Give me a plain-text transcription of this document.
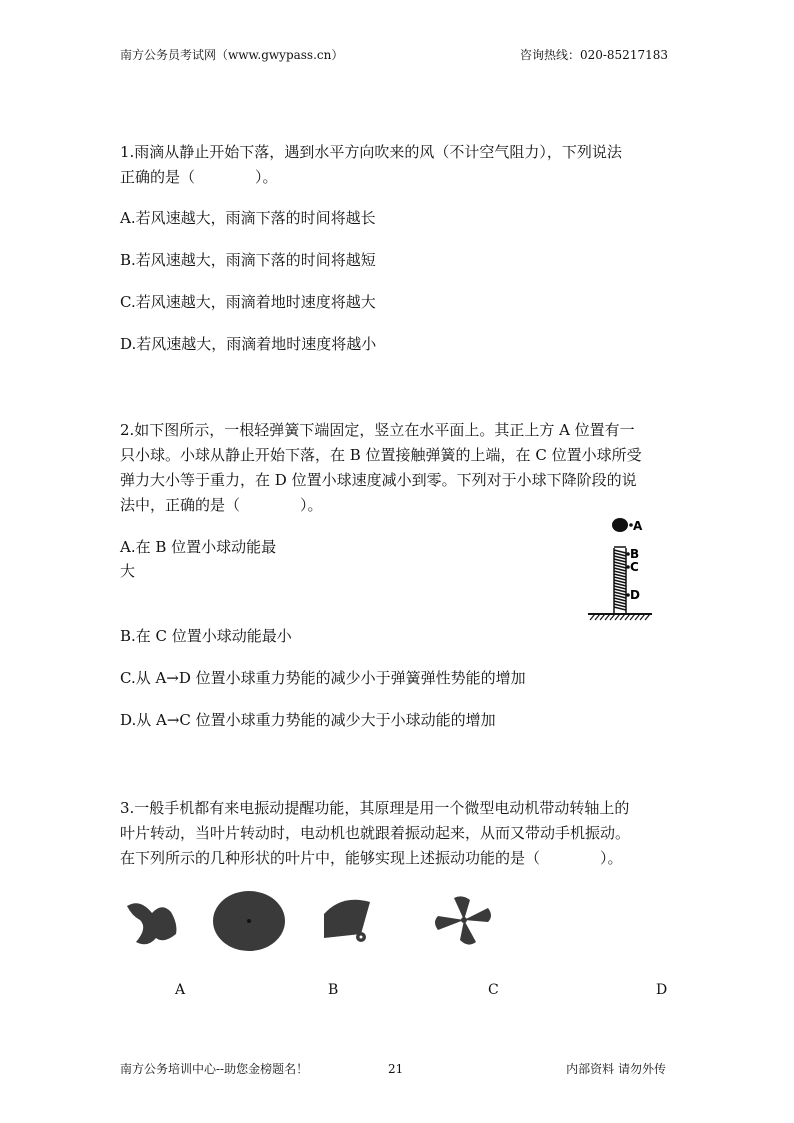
南方公务员考试网（www.gwypass.cn）	咨询热线：020-85217183

1.雨滴从静止开始下落，遇到水平方向吹来的风（不计空气阻力），下列说法

正确的是（　　　　）。

A.若风速越大，雨滴下落的时间将越长

B.若风速越大，雨滴下落的时间将越短

C.若风速越大，雨滴着地时速度将越大

D.若风速越大，雨滴着地时速度将越小

2.如下图所示，一根轻弹簧下端固定，竖立在水平面上。其正上方 A 位置有一

只小球。小球从静止开始下落，在 B 位置接触弹簧的上端，在 C 位置小球所受

弹力大小等于重力，在 D 位置小球速度减小到零。下列对于小球下降阶段的说

法中，正确的是（　　　　）。

A.在 B 位置小球动能最

大

B.在 C 位置小球动能最小

C.从 A→D 位置小球重力势能的减少小于弹簧弹性势能的增加

D.从 A→C 位置小球重力势能的减少大于小球动能的增加

A
B
C
D

3.一般手机都有来电振动提醒功能，其原理是用一个微型电动机带动转轴上的

叶片转动，当叶片转动时，电动机也就跟着振动起来，从而又带动手机振动。

在下列所示的几种形状的叶片中，能够实现上述振动功能的是（　　　　）。

A	B	C	D
南方公务培训中心--助您金榜题名！	21	内部资料 请勿外传
